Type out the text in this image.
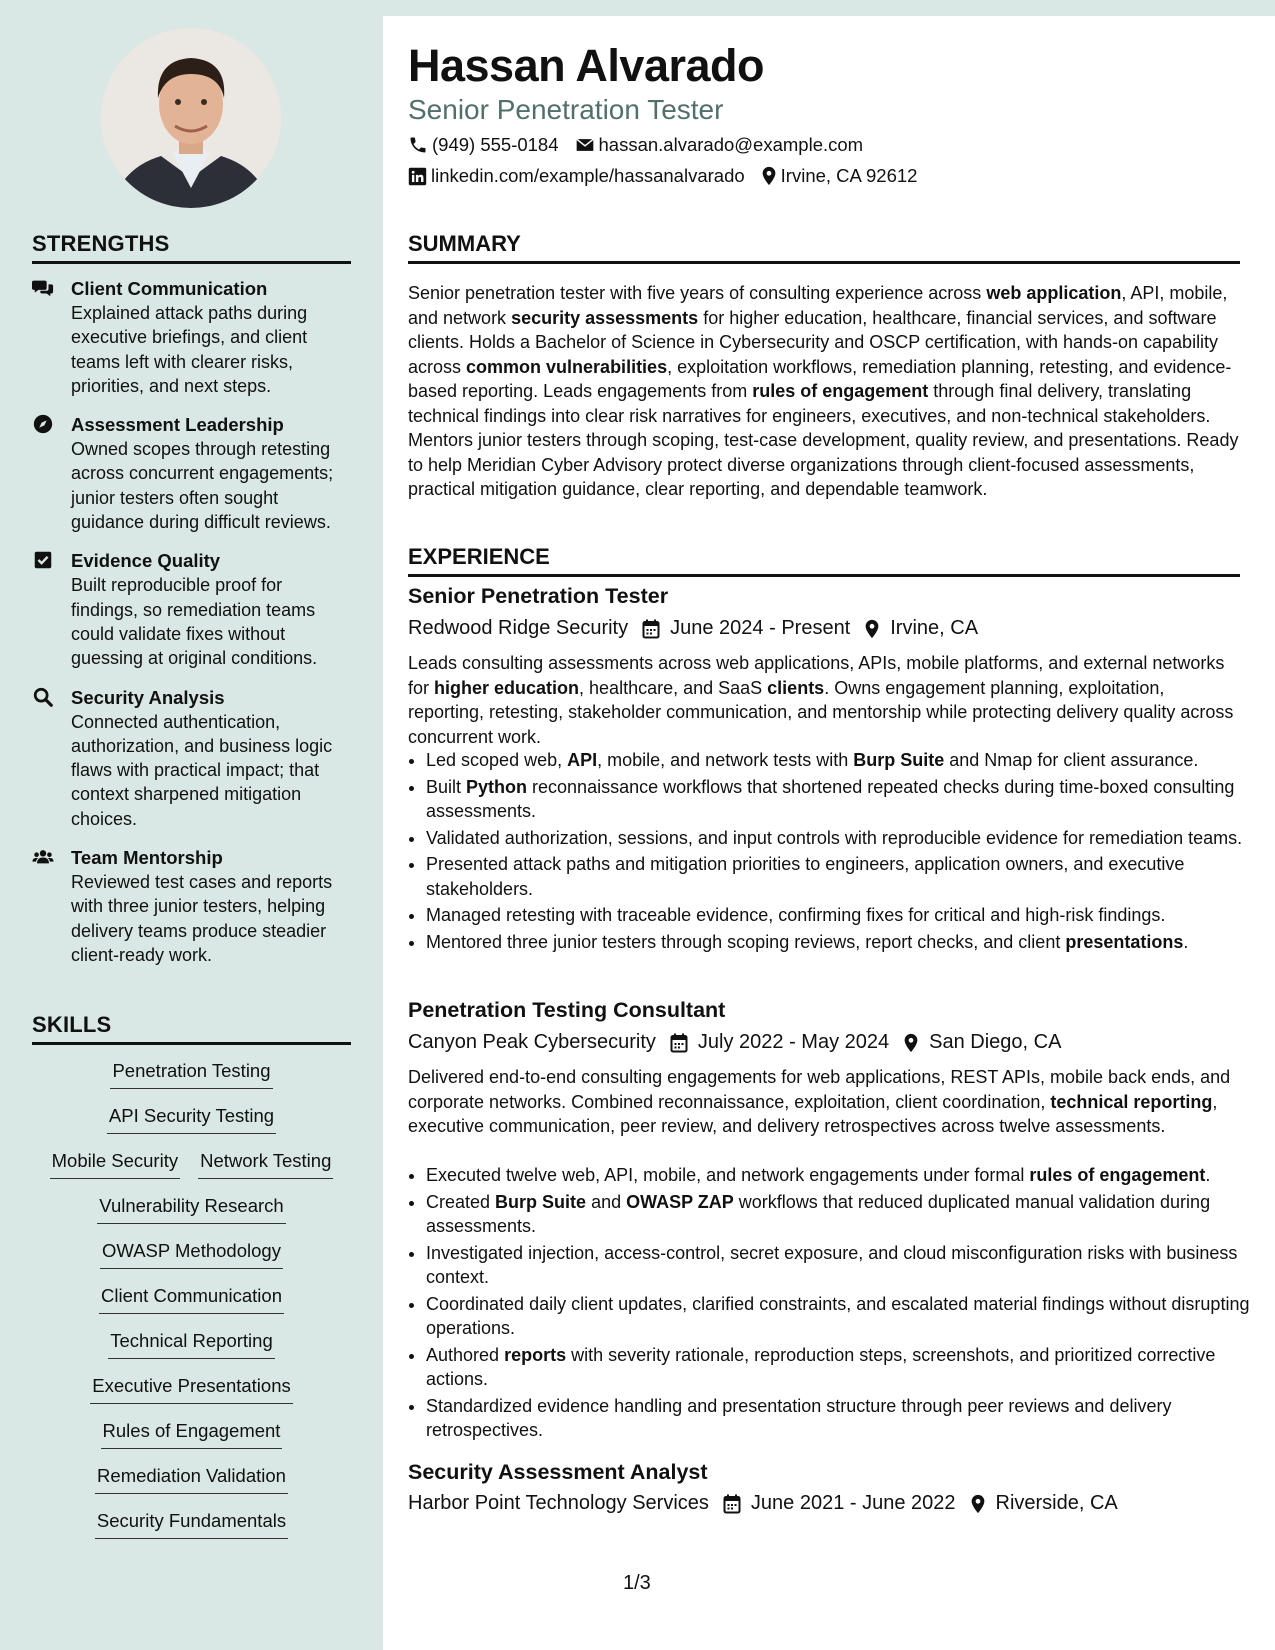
STRENGTHS
Client Communication
Explained attack paths during executive briefings, and client teams left with clearer risks, priorities, and next steps.
Assessment Leadership
Owned scopes through retesting across concurrent engagements; junior testers often sought guidance during difficult reviews.
Evidence Quality
Built reproducible proof for findings, so remediation teams could validate fixes without guessing at original conditions.
Security Analysis
Connected authentication, authorization, and business logic flaws with practical impact; that context sharpened mitigation choices.
Team Mentorship
Reviewed test cases and reports with three junior testers, helping delivery teams produce steadier client-ready work.
SKILLS
Penetration Testing
API Security Testing
Mobile Security Network Testing
Vulnerability Research
OWASP Methodology
Client Communication
Technical Reporting
Executive Presentations
Rules of Engagement
Remediation Validation
Security Fundamentals
Hassan Alvarado
Senior Penetration Tester
(949) 555-0184 hassan.alvarado@example.com
linkedin.com/example/hassanalvarado Irvine, CA 92612
SUMMARY
Senior penetration tester with five years of consulting experience across web application, API, mobile, and network security assessments for higher education, healthcare, financial services, and software clients. Holds a Bachelor of Science in Cybersecurity and OSCP certification, with hands-on capability across common vulnerabilities, exploitation workflows, remediation planning, retesting, and evidence-based reporting. Leads engagements from rules of engagement through final delivery, translating technical findings into clear risk narratives for engineers, executives, and non-technical stakeholders. Mentors junior testers through scoping, test-case development, quality review, and presentations. Ready to help Meridian Cyber Advisory protect diverse organizations through client-focused assessments, practical mitigation guidance, clear reporting, and dependable teamwork.
EXPERIENCE
Senior Penetration Tester
Redwood Ridge Security June 2024 - Present Irvine, CA
Leads consulting assessments across web applications, APIs, mobile platforms, and external networks for higher education, healthcare, and SaaS clients. Owns engagement planning, exploitation, reporting, retesting, stakeholder communication, and mentorship while protecting delivery quality across concurrent work.
• Led scoped web, API, mobile, and network tests with Burp Suite and Nmap for client assurance.
• Built Python reconnaissance workflows that shortened repeated checks during time-boxed consulting assessments.
• Validated authorization, sessions, and input controls with reproducible evidence for remediation teams.
• Presented attack paths and mitigation priorities to engineers, application owners, and executive stakeholders.
• Managed retesting with traceable evidence, confirming fixes for critical and high-risk findings.
• Mentored three junior testers through scoping reviews, report checks, and client presentations.
Penetration Testing Consultant
Canyon Peak Cybersecurity July 2022 - May 2024 San Diego, CA
Delivered end-to-end consulting engagements for web applications, REST APIs, mobile back ends, and corporate networks. Combined reconnaissance, exploitation, client coordination, technical reporting, executive communication, peer review, and delivery retrospectives across twelve assessments.
• Executed twelve web, API, mobile, and network engagements under formal rules of engagement.
• Created Burp Suite and OWASP ZAP workflows that reduced duplicated manual validation during assessments.
• Investigated injection, access-control, secret exposure, and cloud misconfiguration risks with business context.
• Coordinated daily client updates, clarified constraints, and escalated material findings without disrupting operations.
• Authored reports with severity rationale, reproduction steps, screenshots, and prioritized corrective actions.
• Standardized evidence handling and presentation structure through peer reviews and delivery retrospectives.
Security Assessment Analyst
Harbor Point Technology Services June 2021 - June 2022 Riverside, CA
1/3
